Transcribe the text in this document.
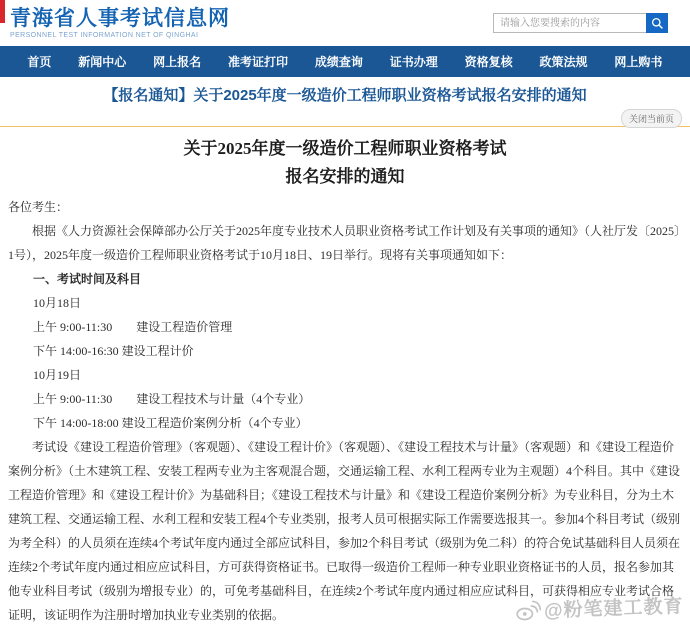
青海省人事考试信息网
PERSONNEL TEST INFORMATION NET OF QINGHAI
请输入您要搜索的内容
首页 新闻中心 网上报名 准考证打印 成绩查询 证书办理 资格复核 政策法规 网上购书
【报名通知】关于2025年度一级造价工程师职业资格考试报名安排的通知
关闭当前页
关于2025年度一级造价工程师职业资格考试
报名安排的通知

各位考生：

根据《人力资源社会保障部办公厅关于2025年度专业技术人员职业资格考试工作计划及有关事项的通知》（人社厅发〔2025〕1号），2025年度一级造价工程师职业资格考试于10月18日、19日举行。现将有关事项通知如下：

一、考试时间及科目

10月18日

上午 9:00-11:30　　建设工程造价管理

下午 14:00-16:30 建设工程计价

10月19日

上午 9:00-11:30　　建设工程技术与计量（4个专业）

下午 14:00-18:00 建设工程造价案例分析（4个专业）

考试设《建设工程造价管理》（客观题）、《建设工程计价》（客观题）、《建设工程技术与计量》（客观题）和《建设工程造价案例分析》（土木建筑工程、安装工程两专业为主客观混合题，交通运输工程、水利工程两专业为主观题）4个科目。其中《建设工程造价管理》和《建设工程计价》为基础科目；《建设工程技术与计量》和《建设工程造价案例分析》为专业科目，分为土木建筑工程、交通运输工程、水利工程和安装工程4个专业类别，报考人员可根据实际工作需要选报其一。参加4个科目考试（级别为考全科）的人员须在连续4个考试年度内通过全部应试科目，参加2个科目考试（级别为免二科）的符合免试基础科目人员须在连续2个考试年度内通过相应应试科目，方可获得资格证书。已取得一级造价工程师一种专业职业资格证书的人员，报名参加其他专业科目考试（级别为增报专业）的，可免考基础科目，在连续2个考试年度内通过相应应试科目，可获得相应专业考试合格证明，该证明作为注册时增加执业专业类别的依据。	@粉笔建工教育
